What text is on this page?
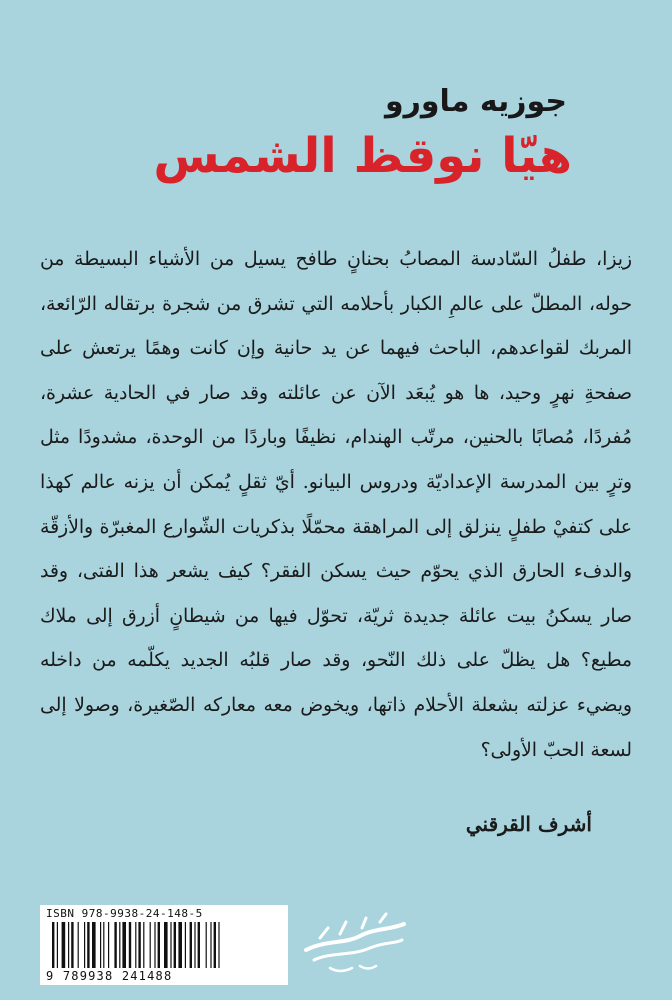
جوزيه ماورو
هيّا نوقظ الشمس

زيزا، طفلُ السّادسة المصابُ بحنانٍ طافح يسيل من الأشياء البسيطة من حوله، المطلّ على عالمِ الكبار بأحلامه التي تشرق من شجرة برتقاله الرّائعة، المربك لقواعدهم، الباحث فيهما عن يد حانية وإن كانت وهمًا يرتعش على صفحةِ نهرٍ وحيد، ها هو يُبعَد الآن عن عائلته وقد صار في الحادية عشرة، مُفردًا، مُصابًا بالحنين، مرتّب الهندام، نظيفًا وباردًا من الوحدة، مشدودًا مثل وترٍ بين المدرسة الإعداديّة ودروس البيانو. أيّ ثقلٍ يُمكن أن يزنه عالم كهذا على كتفيْ طفلٍ ينزلق إلى المراهقة محمّلًا بذكريات الشّوارع المغبرّة والأزقّة والدفء الحارق الذي يحوّم حيث يسكن الفقر؟ كيف يشعر هذا الفتى، وقد صار يسكنُ بيت عائلة جديدة ثريّة، تحوّل فيها من شيطانٍ أزرق إلى ملاك مطيع؟ هل يظلّ على ذلك النّحو، وقد صار قلبُه الجديد يكلّمه من داخله ويضيء عزلته بشعلة الأحلام ذاتها، ويخوض معه معاركه الصّغيرة، وصولا إلى لسعة الحبّ الأولى؟

أشرف القرقني
ISBN 978-9938-24-148-5
9 789938 241488
